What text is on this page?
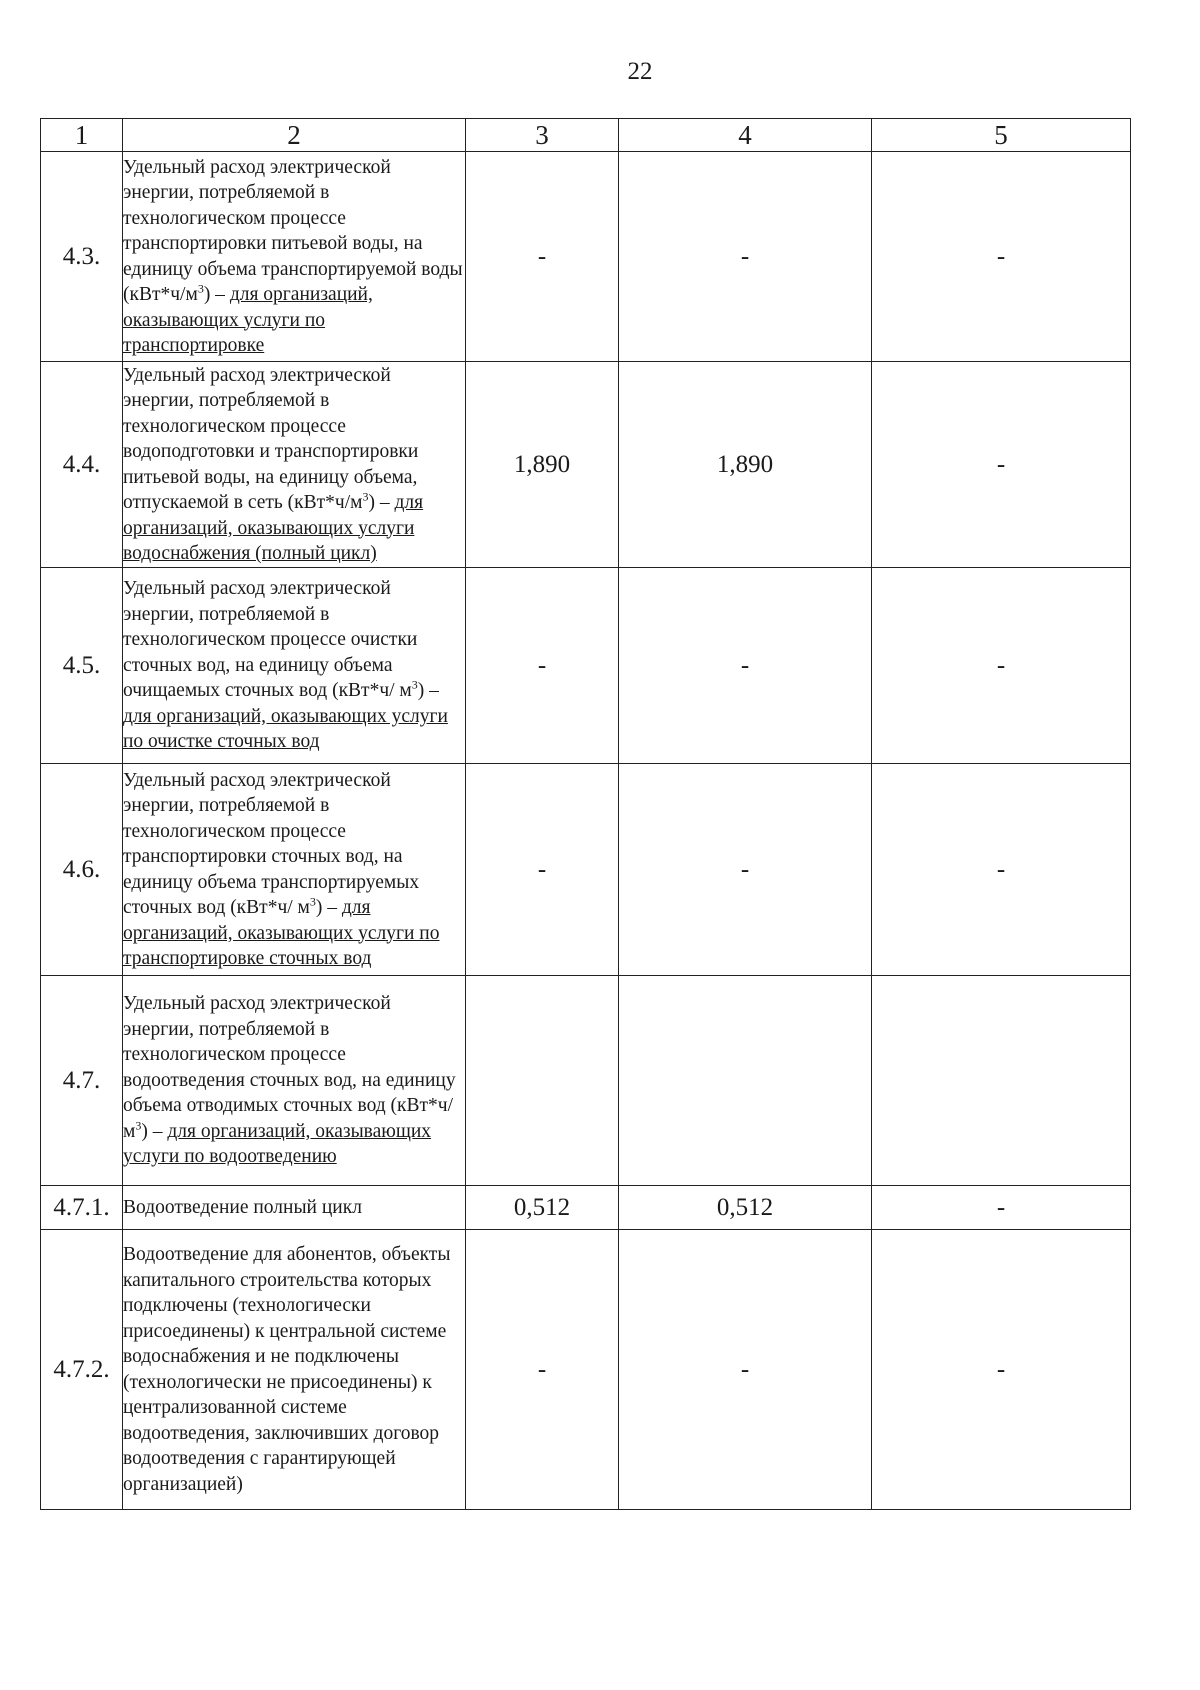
22
1	2	3	4	5
4.3.	Удельный расход электрической энергии, потребляемой в технологическом процессе транспортировки питьевой воды, на единицу объема транспортируемой воды $(кВт*ч/м^3)$ – для организаций, оказывающих услуги по транспортировке	-	-	-
4.4.	Удельный расход электрической энергии, потребляемой в технологическом процессе водоподготовки и транспортировки питьевой воды, на единицу объема, отпускаемой в сеть $(кВт*ч/м^3)$ – для организаций, оказывающих услуги водоснабжения (полный цикл)	1,890	1,890	-
4.5.	Удельный расход электрической энергии, потребляемой в технологическом процессе очистки сточных вод, на единицу объема очищаемых сточных вод (кВт*ч/ $м^3$) – для организаций, оказывающих услуги по очистке сточных вод	-	-	-
4.6.	Удельный расход электрической энергии, потребляемой в технологическом процессе транспортировки сточных вод, на единицу объема транспортируемых сточных вод (кВт*ч/ $м^3$) – для организаций, оказывающих услуги по транспортировке сточных вод	-	-	-
4.7.	Удельный расход электрической энергии, потребляемой в технологическом процессе водоотведения сточных вод, на единицу объема отводимых сточных вод (кВт*ч/ $м^3$) – для организаций, оказывающих услуги по водоотведению			
4.7.1.	Водоотведение полный цикл	0,512	0,512	-
4.7.2.	Водоотведение для абонентов, объекты капитального строительства которых подключены (технологически присоединены) к центральной системе водоснабжения и не подключены (технологически не присоединены) к централизованной системе водоотведения, заключивших договор водоотведения с гарантирующей организацией)	-	-	-
